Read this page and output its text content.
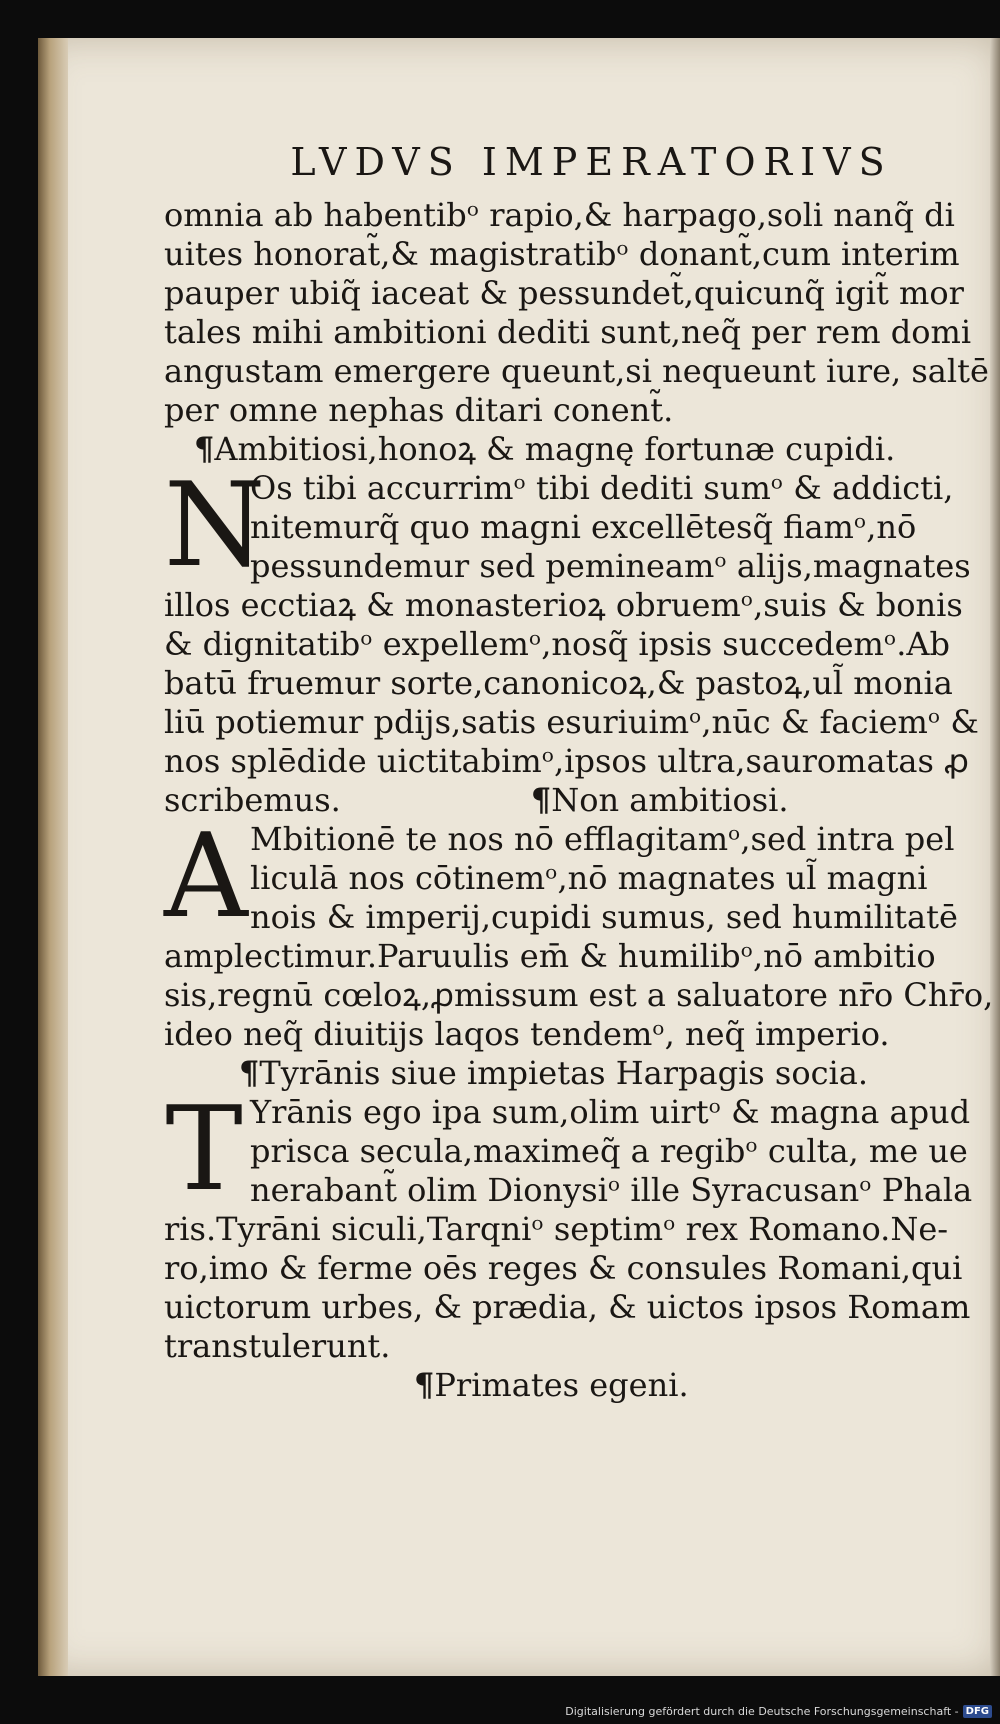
LVDVS IMPERATORIVS
omnia ab habentibᵒ rapio,& harpago,soli nanq̃ di
uites honorat̃,& magistratibᵒ donant̃,cum interim
pauper ubiq̃ iaceat & pessundet̃,quicunq̃ igit̃ mor
tales mihi ambitioni dediti sunt,neq̃ per rem domi
angustam emergere queunt,si nequeunt iure, saltē
per omne nephas ditari conent̃.
¶Ambitiosi,honoꝝ & magnę fortunæ cupidi.
N
Os tibi accurrimᵒ tibi dediti sumᵒ & addicti,
nitemurq̃ quo magni excellētesq̃ fiamᵒ,nō
pessundemur sed pemineamᵒ alijs,magnates
illos ecctiaꝝ & monasterioꝝ obruemᵒ,suis & bonis
& dignitatibᵒ expellemᵒ,nosq̃ ipsis succedemᵒ.Ab
batū fruemur sorte,canonicoꝝ,& pastoꝝ,ul̃ monia
liū potiemur pdijs,satis esuriuimᵒ,nūc & faciemᵒ &
nos splēdide uictitabimᵒ,ipsos ultra,sauromatas ꝓ
scribemus.	¶Non ambitiosi.
A Mbitionē te nos nō efflagitamᵒ,sed intra pel
liculā nos cōtinemᵒ,nō magnates ul̃ magni
nois & imperij,cupidi sumus, sed humilitatē
amplectimur.Paruulis em̄ & humilibᵒ,nō ambitio
sis,regnū cœloꝝ,ꝓmissum est a saluatore nr̄o Chr̄o,
ideo neq̃ diuitijs laqos tendemᵒ, neq̃ imperio.
¶Tyrānis siue impietas Harpagis socia.
T Yrānis ego ipa sum,olim uirtᵒ & magna apud
prisca secula,maximeq̃ a regibᵒ culta, me ue
nerabant̃ olim Dionysiᵒ ille Syracusanᵒ Phala
ris.Tyrāni siculi,Tarqniᵒ septimᵒ rex Romano.Ne-
ro,imo & ferme oēs reges & consules Romani,qui
uictorum urbes, & prædia, & uictos ipsos Romam
transtulerunt.
¶Primates egeni.
Digitalisierung gefördert durch die Deutsche Forschungsgemeinschaft - DFG
